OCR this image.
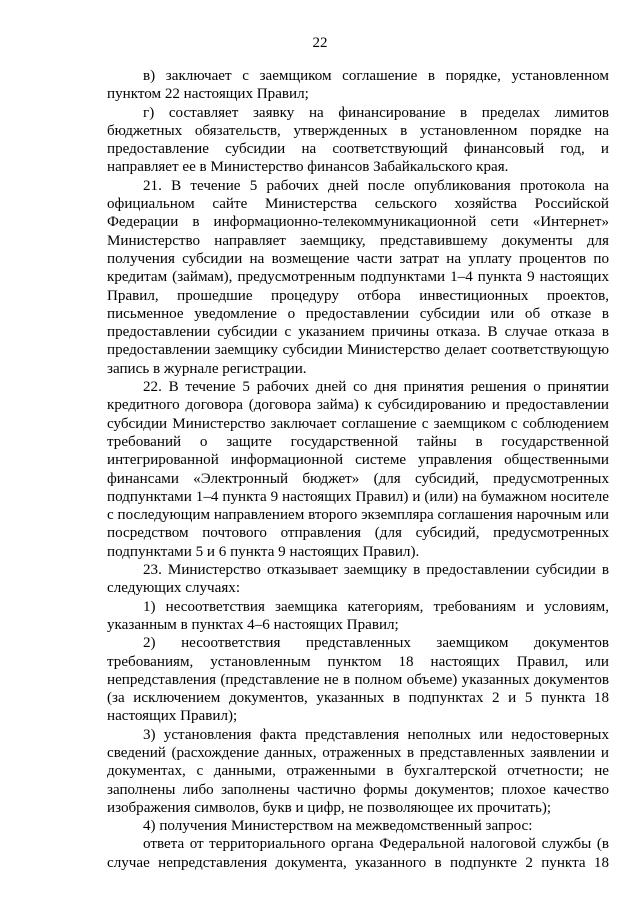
22

в) заключает с заемщиком соглашение в порядке, установленном пунктом 22 настоящих Правил;

г) составляет заявку на финансирование в пределах лимитов бюджетных обязательств, утвержденных в установленном порядке на предоставление субсидии на соответствующий финансовый год, и направляет ее в Министерство финансов Забайкальского края.

21. В течение 5 рабочих дней после опубликования протокола на официальном сайте Министерства сельского хозяйства Российской Федерации в информационно-телекоммуникационной сети «Интернет» Министерство направляет заемщику, представившему документы для получения субсидии на возмещение части затрат на уплату процентов по кредитам (займам), предусмотренным подпунктами 1–4 пункта 9 настоящих Правил, прошедшие процедуру отбора инвестиционных проектов, письменное уведомление о предоставлении субсидии или об отказе в предоставлении субсидии с указанием причины отказа. В случае отказа в предоставлении заемщику субсидии Министерство делает соответствующую запись в журнале регистрации.

22. В течение 5 рабочих дней со дня принятия решения о принятии кредитного договора (договора займа) к субсидированию и предоставлении субсидии Министерство заключает соглашение с заемщиком с соблюдением требований о защите государственной тайны в государственной интегрированной информационной системе управления общественными финансами «Электронный бюджет» (для субсидий, предусмотренных подпунктами 1–4 пункта 9 настоящих Правил) и (или) на бумажном носителе с последующим направлением второго экземпляра соглашения нарочным или посредством почтового отправления (для субсидий, предусмотренных подпунктами 5 и 6 пункта 9 настоящих Правил).

23. Министерство отказывает заемщику в предоставлении субсидии в следующих случаях:

1) несоответствия заемщика категориям, требованиям и условиям, указанным в пунктах 4–6 настоящих Правил;

2) несоответствия представленных заемщиком документов требованиям, установленным пунктом 18 настоящих Правил, или непредставления (представление не в полном объеме) указанных документов (за исключением документов, указанных в подпунктах 2 и 5 пункта 18 настоящих Правил);

3) установления факта представления неполных или недостоверных сведений (расхождение данных, отраженных в представленных заявлении и документах, с данными, отраженными в бухгалтерской отчетности; не заполнены либо заполнены частично формы документов; плохое качество изображения символов, букв и цифр, не позволяющее их прочитать);

4) получения Министерством на межведомственный запрос:

ответа от территориального органа Федеральной налоговой службы (в случае непредставления документа, указанного в подпункте 2 пункта 18
